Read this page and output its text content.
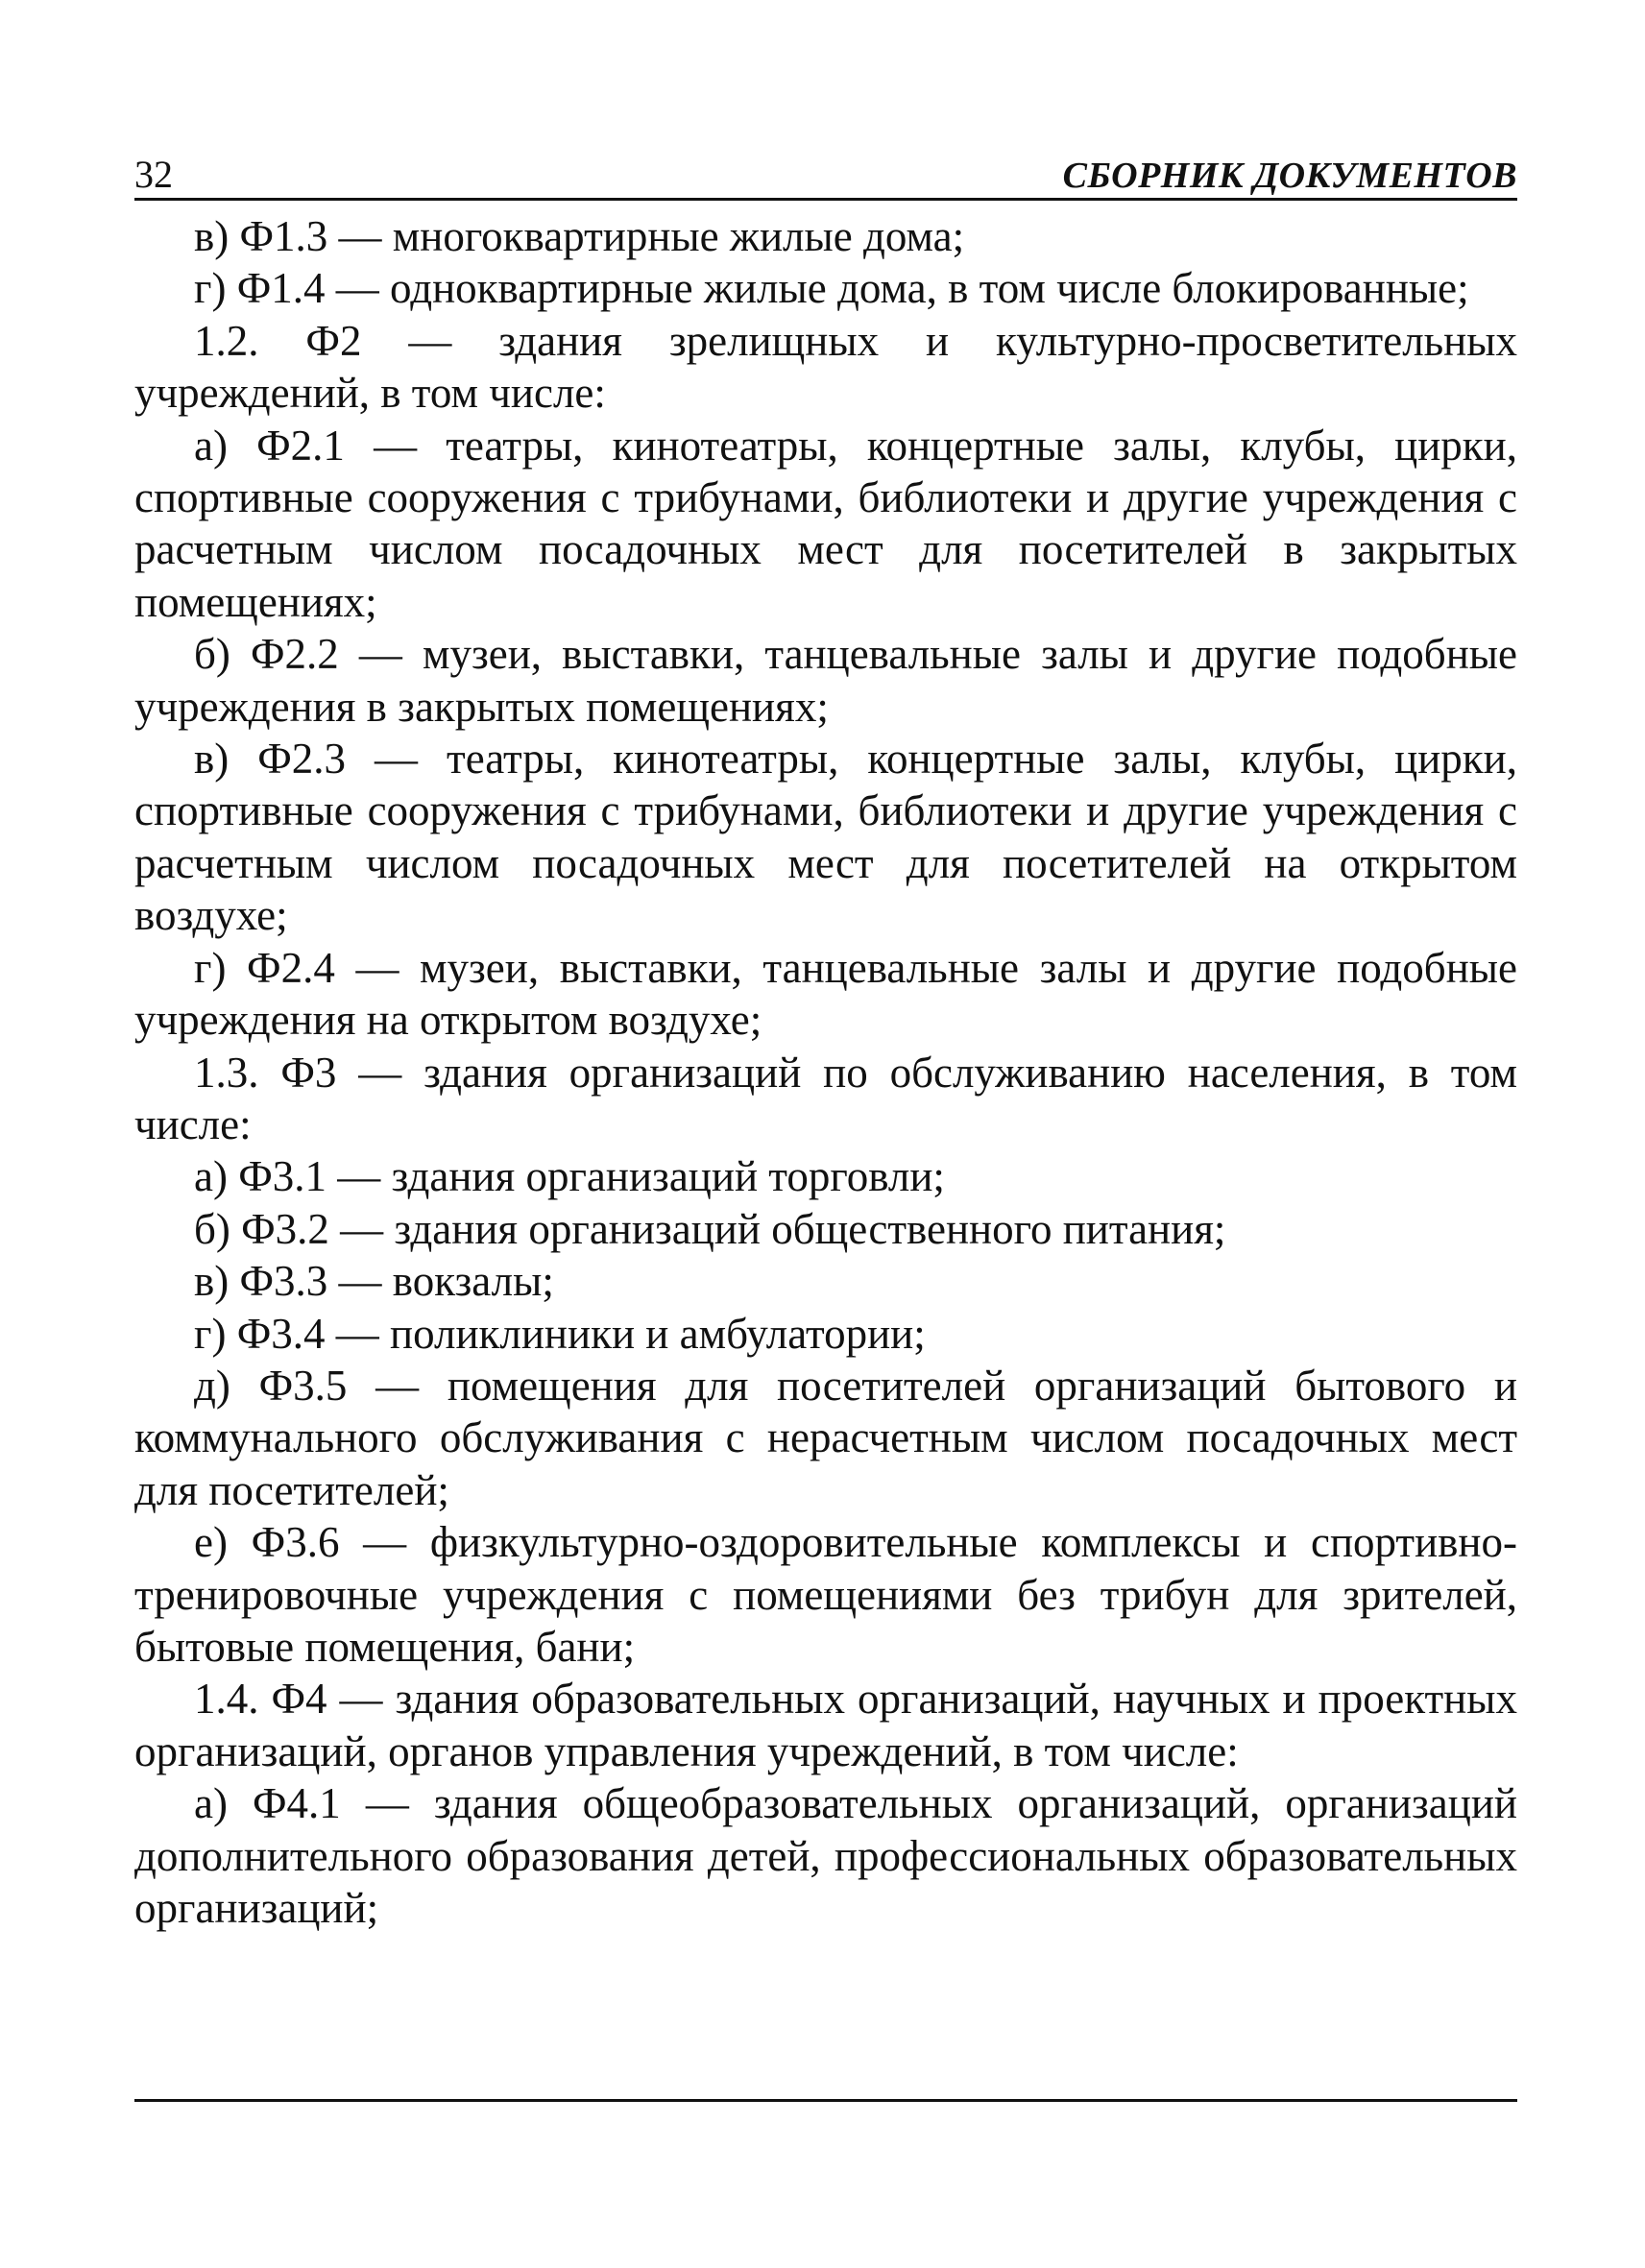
32	СБОРНИК ДОКУМЕНТОВ

в) Ф1.3 — многоквартирные жилые дома;

г) Ф1.4 — одноквартирные жилые дома, в том числе блокированные;

1.2. Ф2 — здания зрелищных и культурно-просветительных учреждений, в том числе:

а) Ф2.1 — театры, кинотеатры, концертные залы, клубы, цирки, спортивные сооружения с трибунами, библиотеки и другие учреждения с расчетным числом посадочных мест для посетителей в закрытых помещениях;

б) Ф2.2 — музеи, выставки, танцевальные залы и другие подобные учреждения в закрытых помещениях;

в) Ф2.3 — театры, кинотеатры, концертные залы, клубы, цирки, спортивные сооружения с трибунами, библиотеки и другие учреждения с расчетным числом посадочных мест для посетителей на открытом воздухе;

г) Ф2.4 — музеи, выставки, танцевальные залы и другие подобные учреждения на открытом воздухе;

1.3. Ф3 — здания организаций по обслуживанию населения, в том числе:

а) Ф3.1 — здания организаций торговли;

б) Ф3.2 — здания организаций общественного питания;

в) Ф3.3 — вокзалы;

г) Ф3.4 — поликлиники и амбулатории;

д) Ф3.5 — помещения для посетителей организаций бытового и коммунального обслуживания с нерасчетным числом посадочных мест для посетителей;

е) Ф3.6 — физкультурно-оздоровительные комплексы и спортивно-тренировочные учреждения с помещениями без трибун для зрителей, бытовые помещения, бани;

1.4. Ф4 — здания образовательных организаций, научных и проектных организаций, органов управления учреждений, в том числе:

а) Ф4.1 — здания общеобразовательных организаций, организаций дополнительного образования детей, профессиональных образовательных организаций;
